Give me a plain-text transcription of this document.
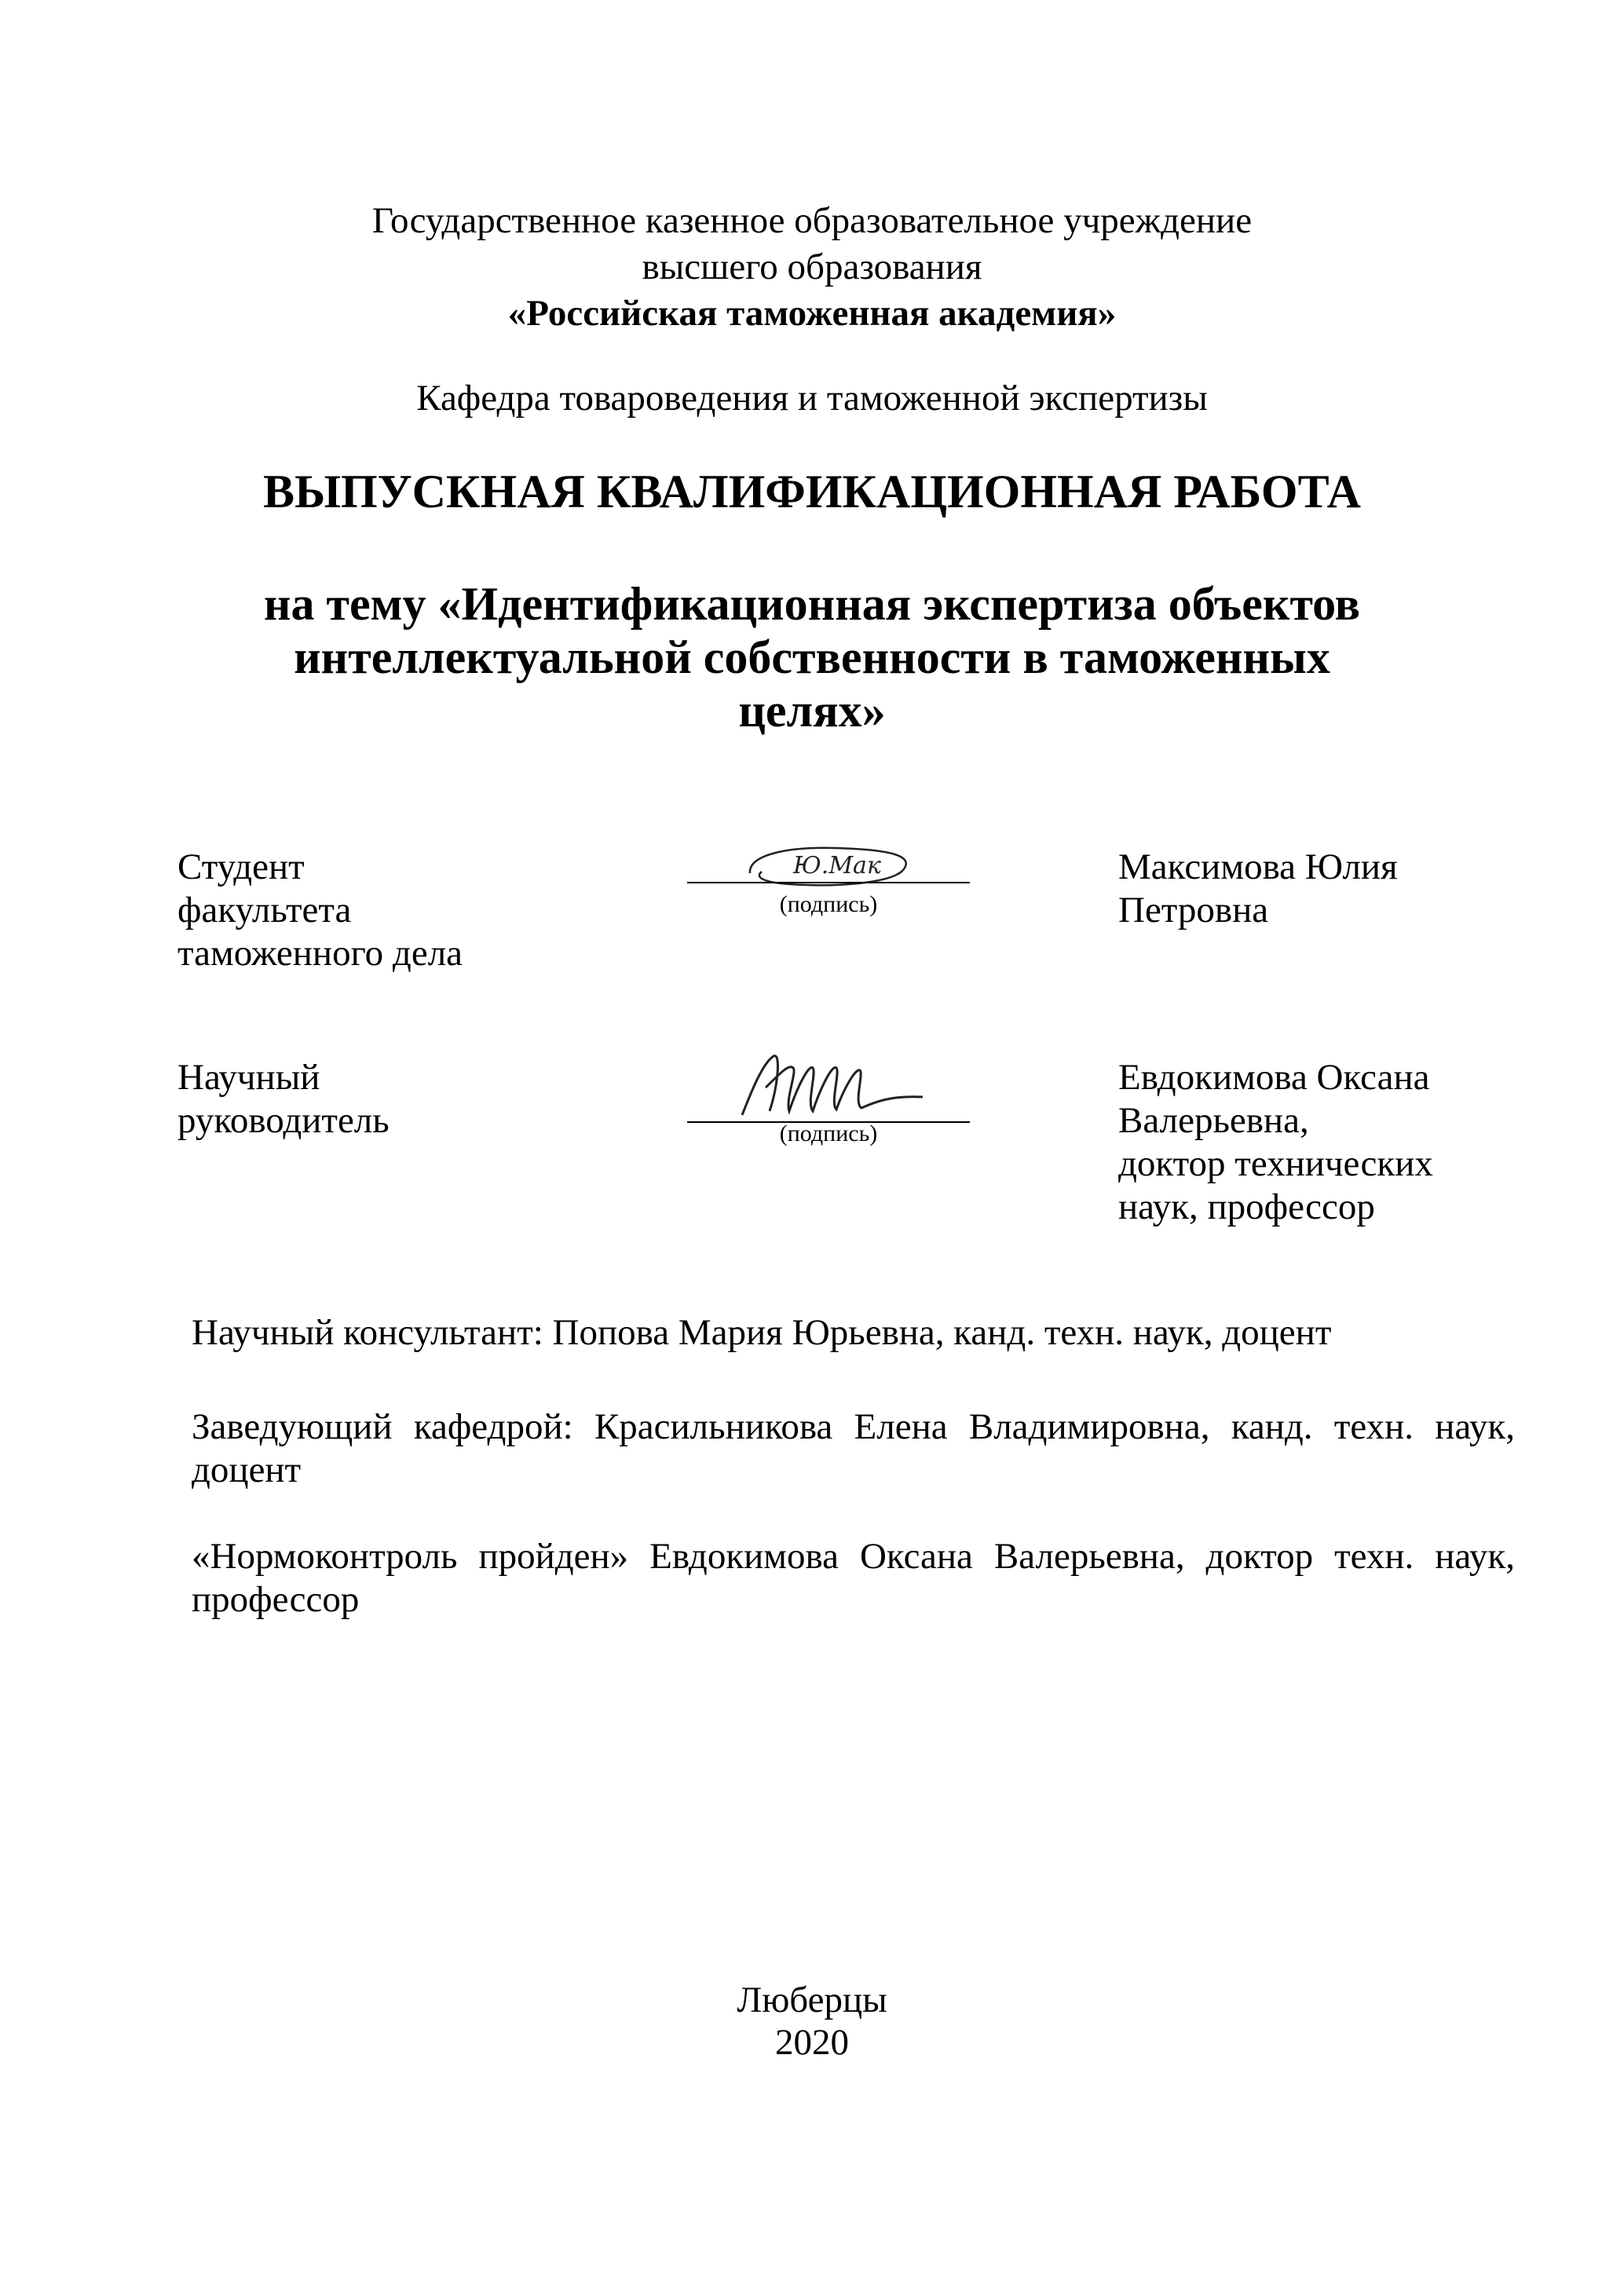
Государственное казенное образовательное учреждение
высшего образования
«Российская таможенная академия»
Кафедра товароведения и таможенной экспертизы
ВЫПУСКНАЯ КВАЛИФИКАЦИОННАЯ РАБОТА
на тему «Идентификационная экспертиза объектов
интеллектуальной собственности в таможенных
целях»
Студент
факультета
таможенного дела
Ю.Мак
(подпись)
Максимова Юлия
Петровна
Научный
руководитель	(подпись)
Евдокимова Оксана
Валерьевна,
доктор технических
наук, профессор
Научный консультант: Попова Мария Юрьевна, канд. техн. наук, доцент
Заведующий кафедрой: Красильникова Елена Владимировна, канд. техн. наук, доцент
«Нормоконтроль пройден» Евдокимова Оксана Валерьевна, доктор техн. наук, профессор
Люберцы
2020
